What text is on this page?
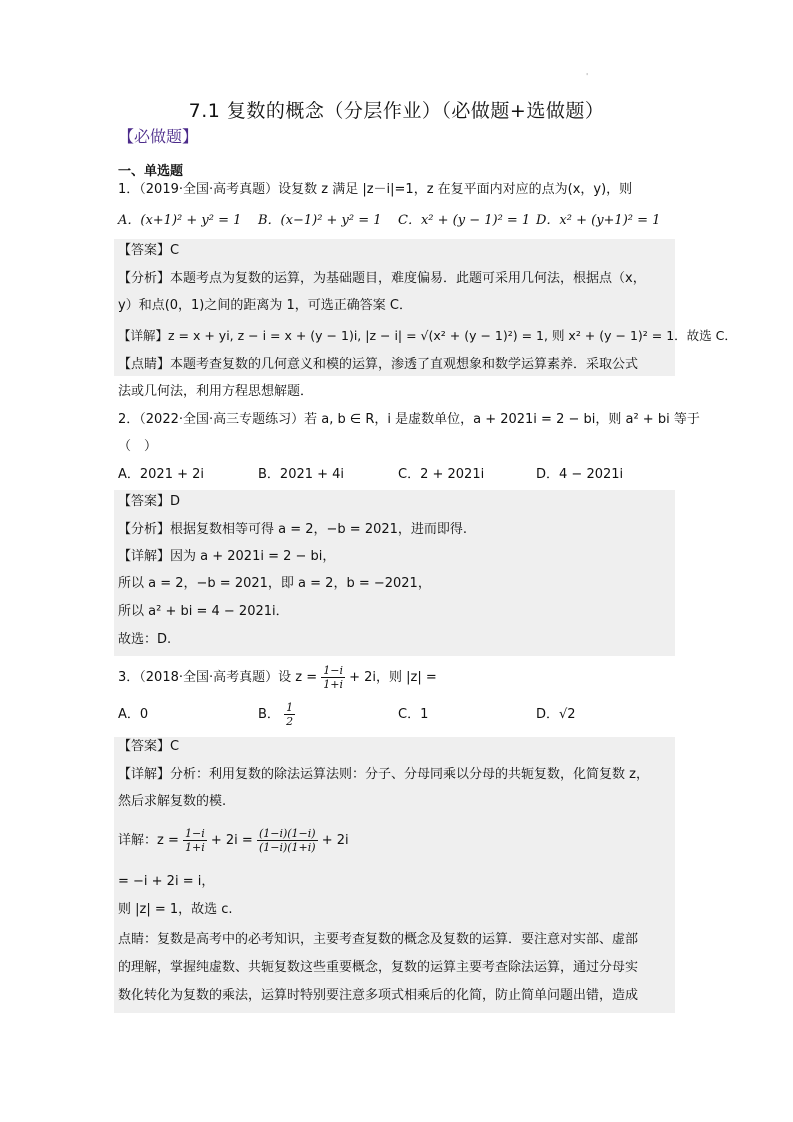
'
7.1 复数的概念（分层作业）（必做题+选做题）
【必做题】
一、单选题
1．（2019·全国·高考真题）设复数 z 满足 |z－i|=1，z 在复平面内对应的点为(x，y)，则
A．(x+1)² + y² = 1 B．(x−1)² + y² = 1 C．x² + (y − 1)² = 1 D．x² + (y+1)² = 1
【答案】C
【分析】本题考点为复数的运算，为基础题目，难度偏易．此题可采用几何法，根据点（x，
y）和点(0，1)之间的距离为 1，可选正确答案 C．
【详解】z = x + yi, z − i = x + (y − 1)i, |z − i| = √(x² + (y − 1)²) = 1, 则 x² + (y − 1)² = 1．故选 C．
【点睛】本题考查复数的几何意义和模的运算，渗透了直观想象和数学运算素养．采取公式
法或几何法，利用方程思想解题．
2．（2022·全国·高三专题练习）若 a, b ∈ R，i 是虚数单位，a + 2021i = 2 − bi，则 a² + bi 等于
（　）
A．2021 + 2i	B．2021 + 4i	C．2 + 2021i	D．4 − 2021i
【答案】D
【分析】根据复数相等可得 a = 2，−b = 2021，进而即得.
【详解】因为 a + 2021i = 2 − bi，
所以 a = 2，−b = 2021，即 a = 2，b = −2021，
所以 a² + bi = 4 − 2021i．
故选：D.
3．（2018·全国·高考真题）设 $z = \frac{1-i}{1+i} + 2i$，则 |z| =
A．0	B． $\frac{1}{2}$	C．1	D．√2
【答案】C
【详解】分析：利用复数的除法运算法则：分子、分母同乘以分母的共轭复数，化简复数 z，
然后求解复数的模.
详解：$z = \frac{1-i}{1+i} + 2i = \frac{(1-i)(1-i)}{(1-i)(1+i)} + 2i$
= −i + 2i = i，
则 |z| = 1，故选 c.
点睛：复数是高考中的必考知识，主要考查复数的概念及复数的运算．要注意对实部、虚部
的理解，掌握纯虚数、共轭复数这些重要概念，复数的运算主要考查除法运算，通过分母实
数化转化为复数的乘法，运算时特别要注意多项式相乘后的化简，防止简单问题出错，造成
